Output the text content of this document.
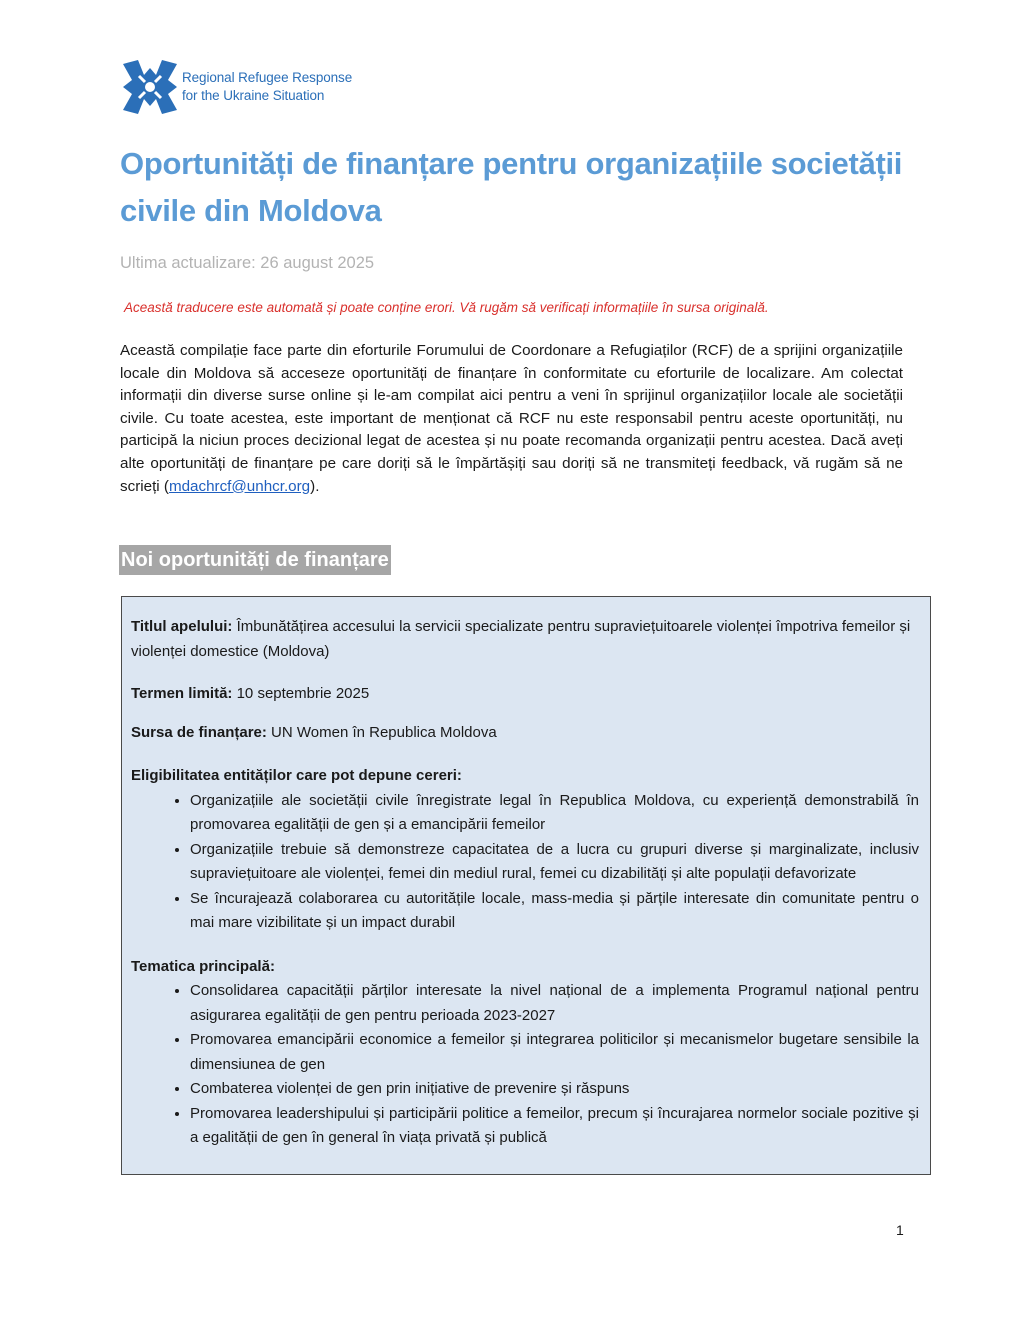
Regional Refugee Response
for the Ukraine Situation
Oportunități de finanțare pentru organizațiile societății civile din Moldova
Ultima actualizare: 26 august 2025
Această traducere este automată și poate conține erori. Vă rugăm să verificați informațiile în sursa originală.

Această compilație face parte din eforturile Forumului de Coordonare a Refugiaților (RCF) de a sprijini organizațiile locale din Moldova să acceseze oportunități de finanțare în conformitate cu eforturile de localizare. Am colectat informații din diverse surse online și le-am compilat aici pentru a veni în sprijinul organizațiilor locale ale societății civile. Cu toate acestea, este important de menționat că RCF nu este responsabil pentru aceste oportunități, nu participă la niciun proces decizional legat de acestea și nu poate recomanda organizații pentru acestea. Dacă aveți alte oportunități de finanțare pe care doriți să le împărtășiți sau doriți să ne transmiteți feedback, vă rugăm să ne scrieți (mdachrcf@unhcr.org).

Noi oportunități de finanțare

Titlul apelului: Îmbunătățirea accesului la servicii specializate pentru supraviețuitoarele violenței împotriva femeilor și violenței domestice (Moldova)

Termen limită: 10 septembrie 2025

Sursa de finanțare: UN Women în Republica Moldova

Eligibilitatea entităților care pot depune cereri:

• Organizațiile ale societății civile înregistrate legal în Republica Moldova, cu experiență demonstrabilă în promovarea egalității de gen și a emancipării femeilor
• Organizațiile trebuie să demonstreze capacitatea de a lucra cu grupuri diverse și marginalizate, inclusiv supraviețuitoare ale violenței, femei din mediul rural, femei cu dizabilități și alte populații defavorizate
• Se încurajează colaborarea cu autoritățile locale, mass-media și părțile interesate din comunitate pentru o mai mare vizibilitate și un impact durabil

Tematica principală:

• Consolidarea capacității părților interesate la nivel național de a implementa Programul național pentru asigurarea egalității de gen pentru perioada 2023-2027
• Promovarea emancipării economice a femeilor și integrarea politicilor și mecanismelor bugetare sensibile la dimensiunea de gen
• Combaterea violenței de gen prin inițiative de prevenire și răspuns
• Promovarea leadershipului și participării politice a femeilor, precum și încurajarea normelor sociale pozitive și a egalității de gen în general în viața privată și publică
1
